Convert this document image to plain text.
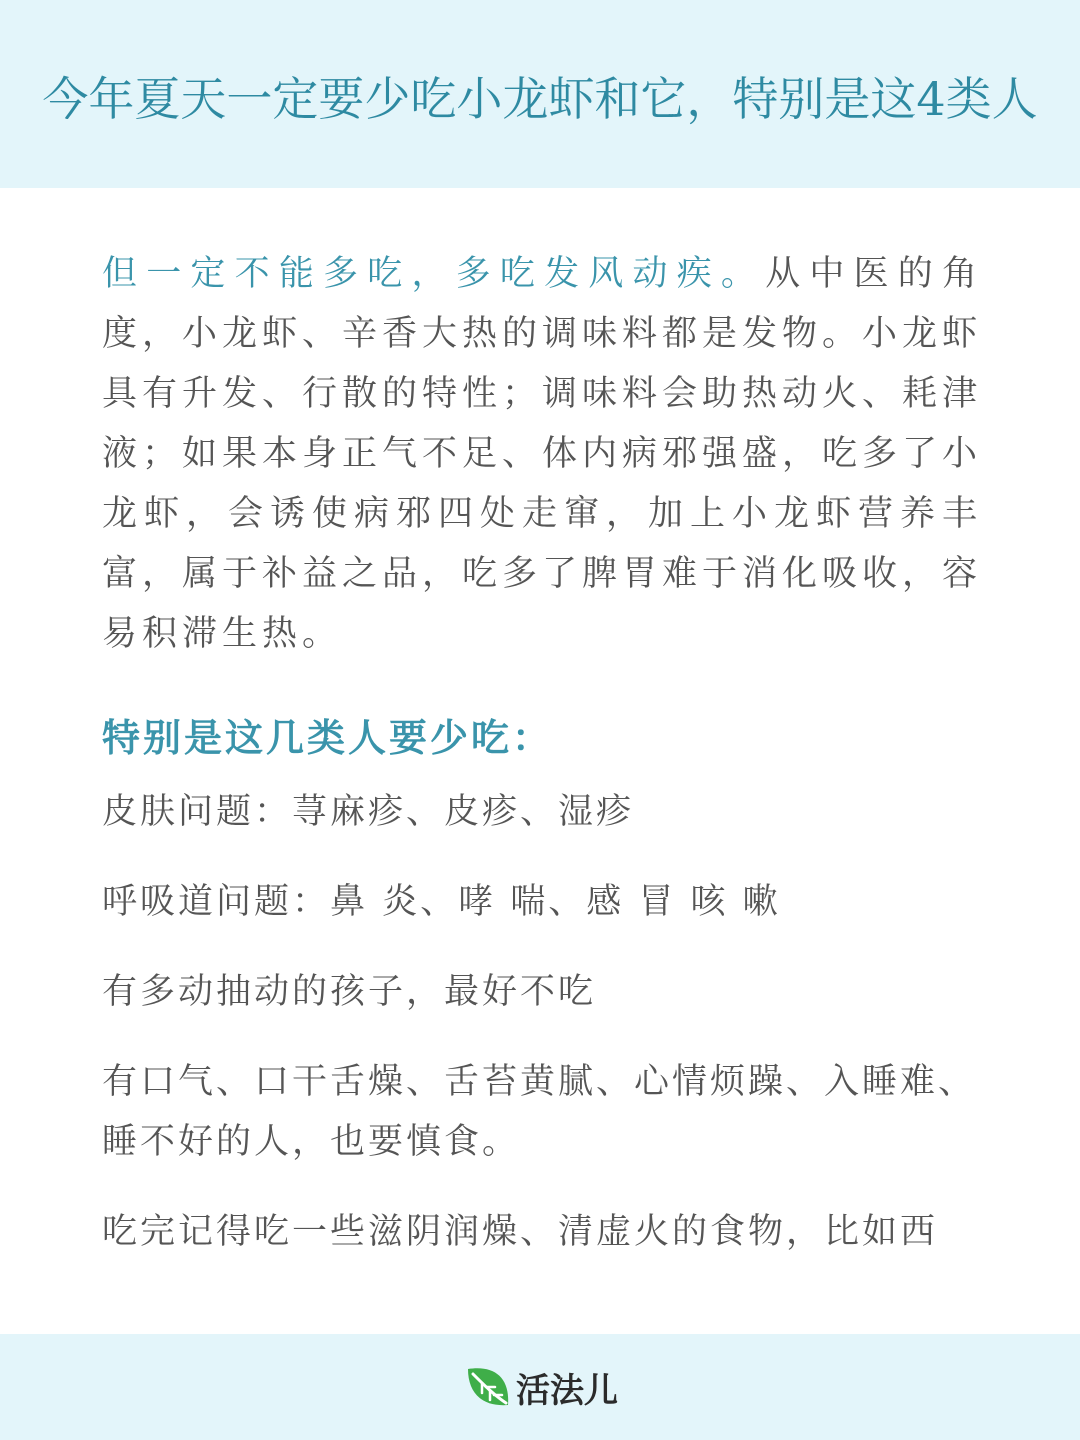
今年夏天一定要少吃小龙虾和它，特别是这4类人

但一定不能多吃，多吃发风动疾。从中医的角度，小龙虾、辛香大热的调味料都是发物。小龙虾具有升发、行散的特性；调味料会助热动火、耗津液；如果本身正气不足、体内病邪强盛，吃多了小龙虾，会诱使病邪四处走窜，加上小龙虾营养丰富，属于补益之品，吃多了脾胃难于消化吸收，容易积滞生热。

特别是这几类人要少吃：

皮肤问题：荨麻疹、皮疹、湿疹

呼吸道问题：鼻 炎、哮 喘、感 冒 咳 嗽

有多动抽动的孩子，最好不吃

有口气、口干舌燥、舌苔黄腻、心情烦躁、入睡难、睡不好的人，也要慎食。

吃完记得吃一些滋阴润燥、清虚火的食物，比如西

活法儿
